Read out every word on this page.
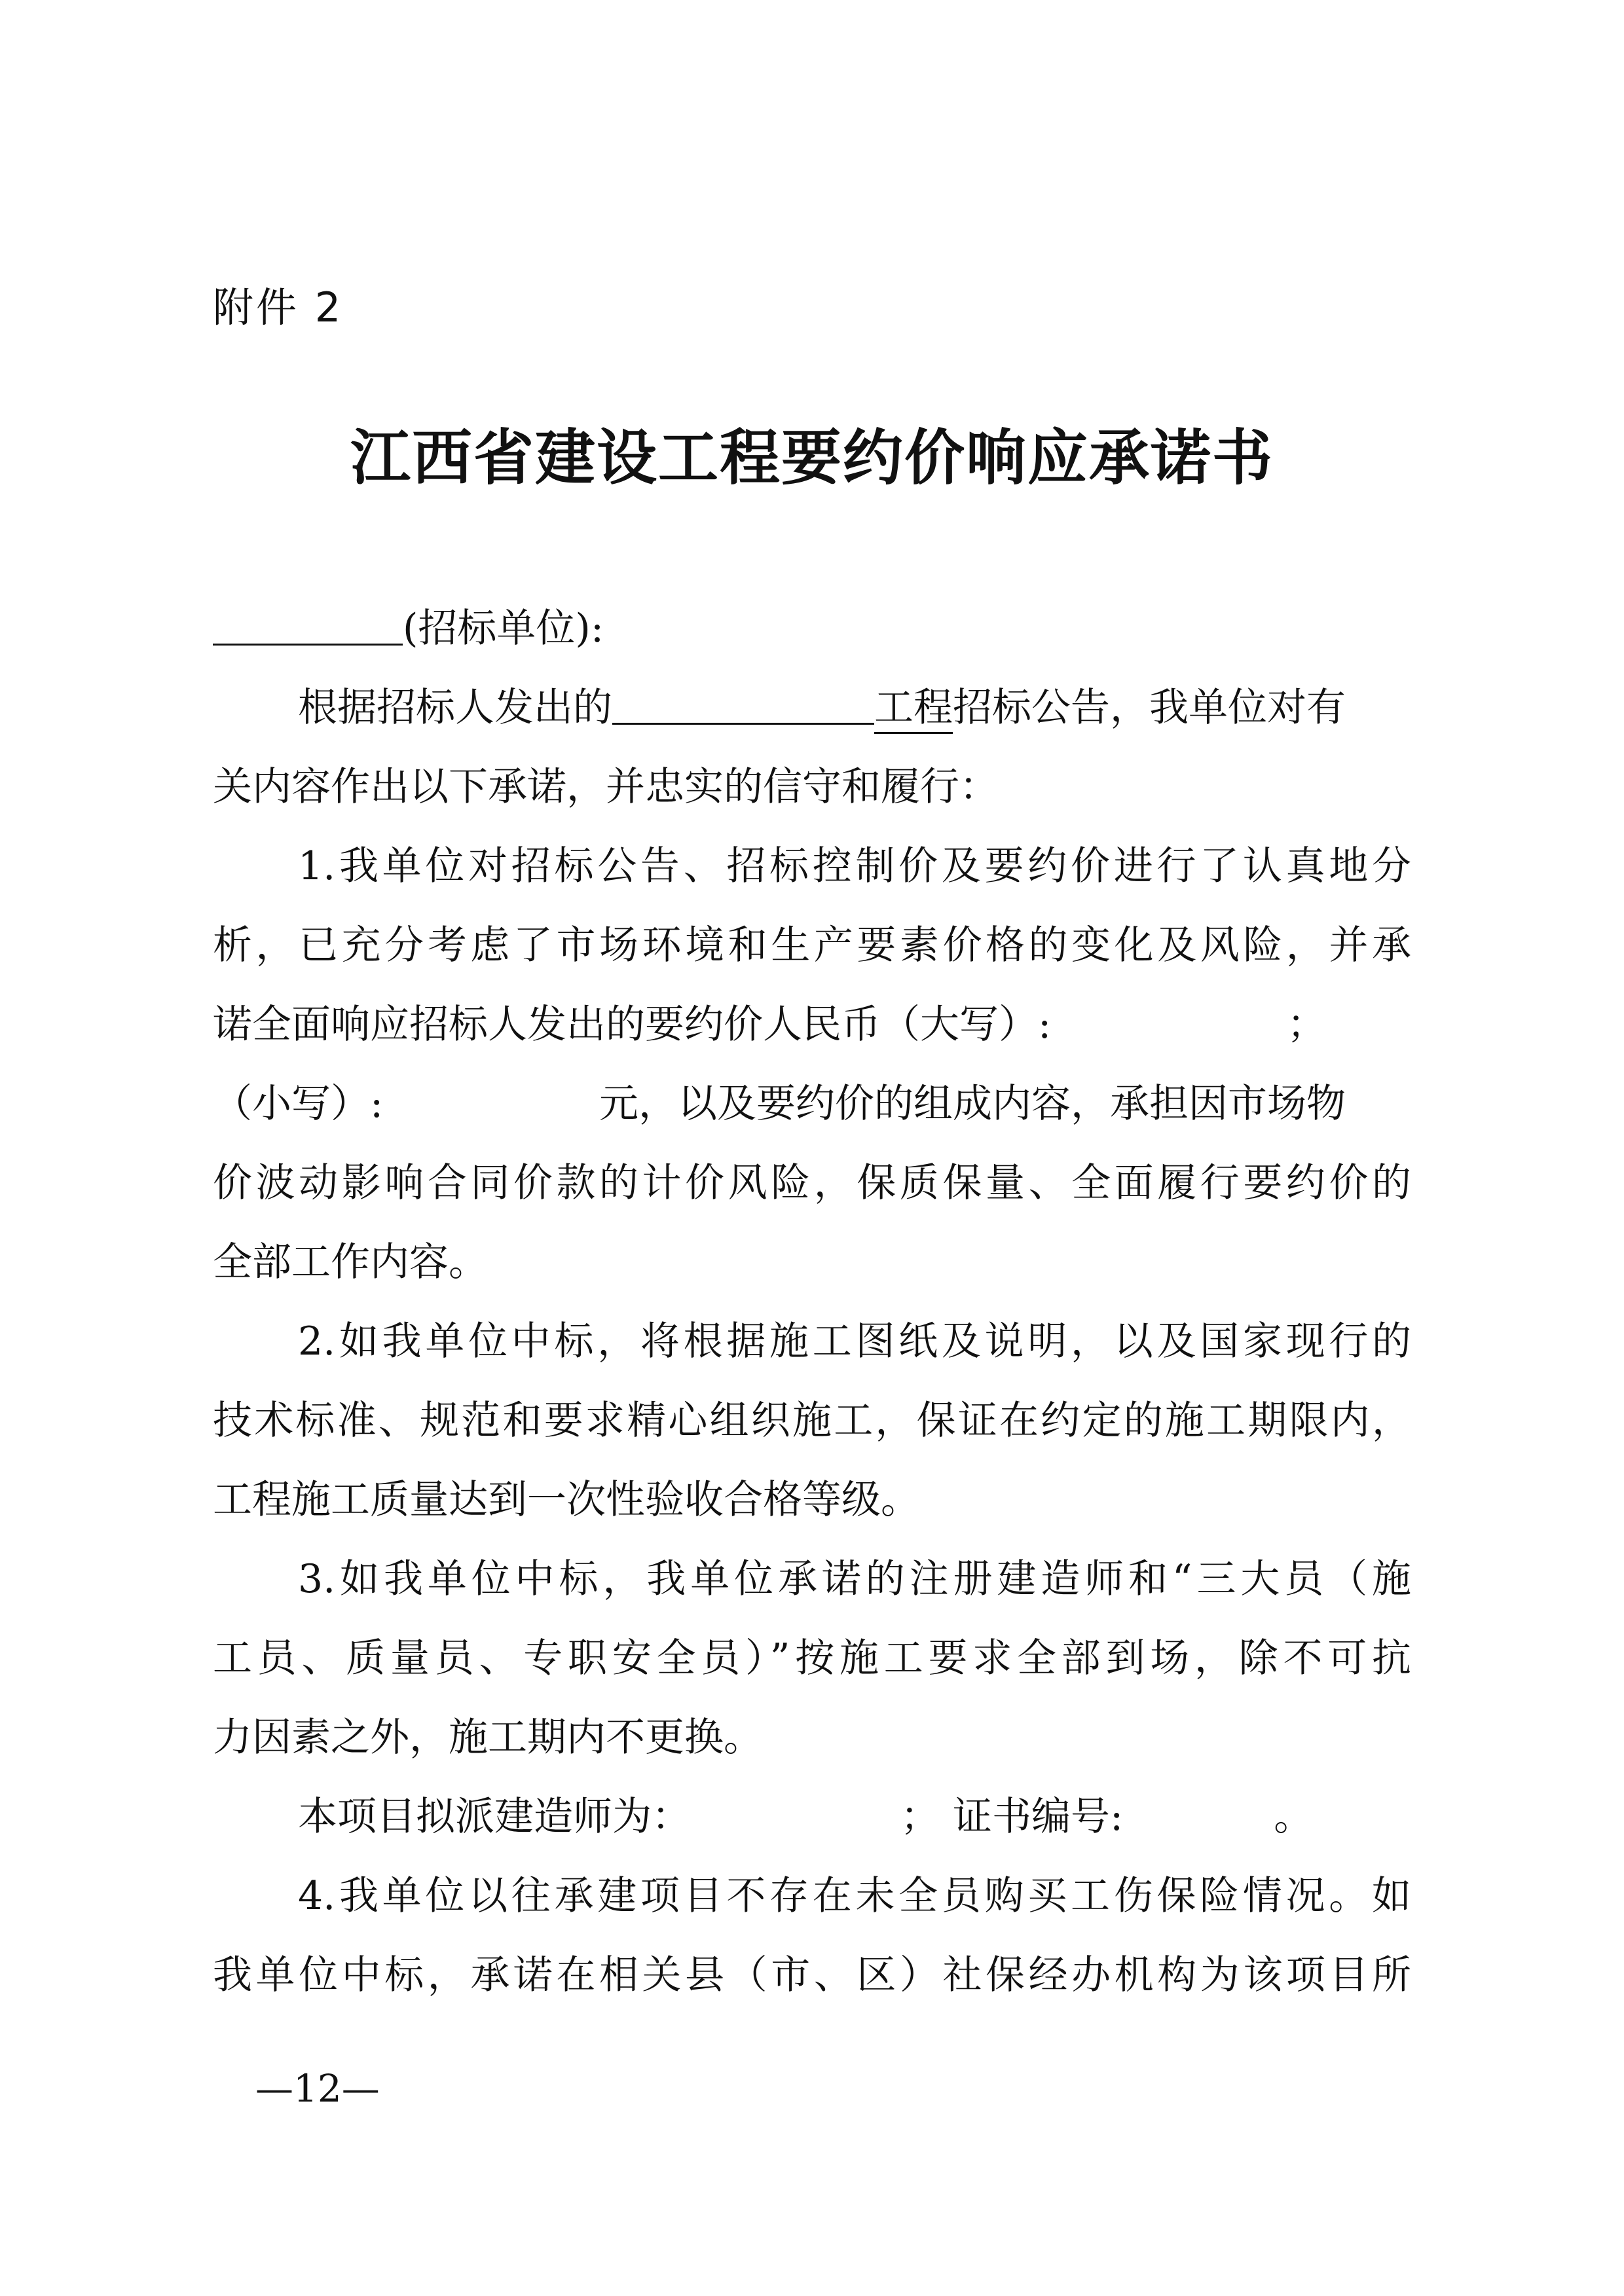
附件 2
江西省建设工程要约价响应承诺书
(招标单位):
根据招标人发出的	工程招标公告，我单位对有
关内容作出以下承诺，并忠实的信守和履行：
1.我单位对招标公告、招标控制价及要约价进行了认真地分
析，已充分考虑了市场环境和生产要素价格的变化及风险，并承
诺全面响应招标人发出的要约价人民币（大写）:	；
（小写）:	元，以及要约价的组成内容，承担因市场物
价波动影响合同价款的计价风险，保质保量、全面履行要约价的
全部工作内容。
2.如我单位中标，将根据施工图纸及说明，以及国家现行的
技术标准、规范和要求精心组织施工，保证在约定的施工期限内，
工程施工质量达到一次性验收合格等级。
3.如我单位中标，我单位承诺的注册建造师和“三大员（施
工员、质量员、专职安全员）”按施工要求全部到场，除不可抗
力因素之外，施工期内不更换。
本项目拟派建造师为：	； 证书编号:	。
4.我单位以往承建项目不存在未全员购买工伤保险情况。如
我单位中标，承诺在相关县（市、区）社保经办机构为该项目所
—12—
